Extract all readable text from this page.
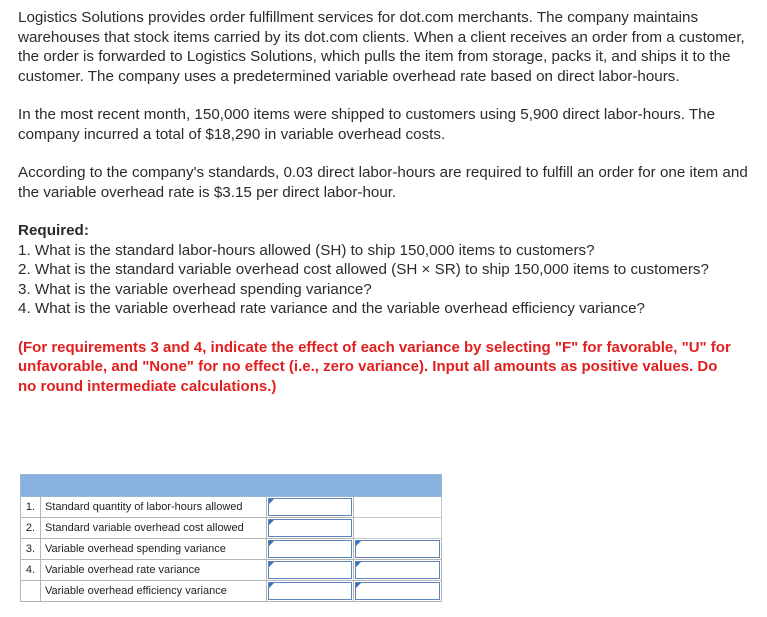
Logistics Solutions provides order fulfillment services for dot.com merchants. The company maintains warehouses that stock items carried by its dot.com clients. When a client receives an order from a customer, the order is forwarded to Logistics Solutions, which pulls the item from storage, packs it, and ships it to the customer. The company uses a predetermined variable overhead rate based on direct labor-hours.

In the most recent month, 150,000 items were shipped to customers using 5,900 direct labor-hours. The company incurred a total of $18,290 in variable overhead costs.

According to the company's standards, 0.03 direct labor-hours are required to fulfill an order for one item and the variable overhead rate is $3.15 per direct labor-hour.

Required:

1. What is the standard labor-hours allowed (SH) to ship 150,000 items to customers?
2. What is the standard variable overhead cost allowed (SH × SR) to ship 150,000 items to customers?
3. What is the variable overhead spending variance?
4. What is the variable overhead rate variance and the variable overhead efficiency variance?

(For requirements 3 and 4, indicate the effect of each variance by selecting "F" for favorable, "U" for unfavorable, and "None" for no effect (i.e., zero variance). Input all amounts as positive values. Do no round intermediate calculations.)

1.	Standard quantity of labor-hours allowed	

2.	Standard variable overhead cost allowed	

3.	Variable overhead spending variance	

4.	Variable overhead rate variance	

	Variable overhead efficiency variance	
